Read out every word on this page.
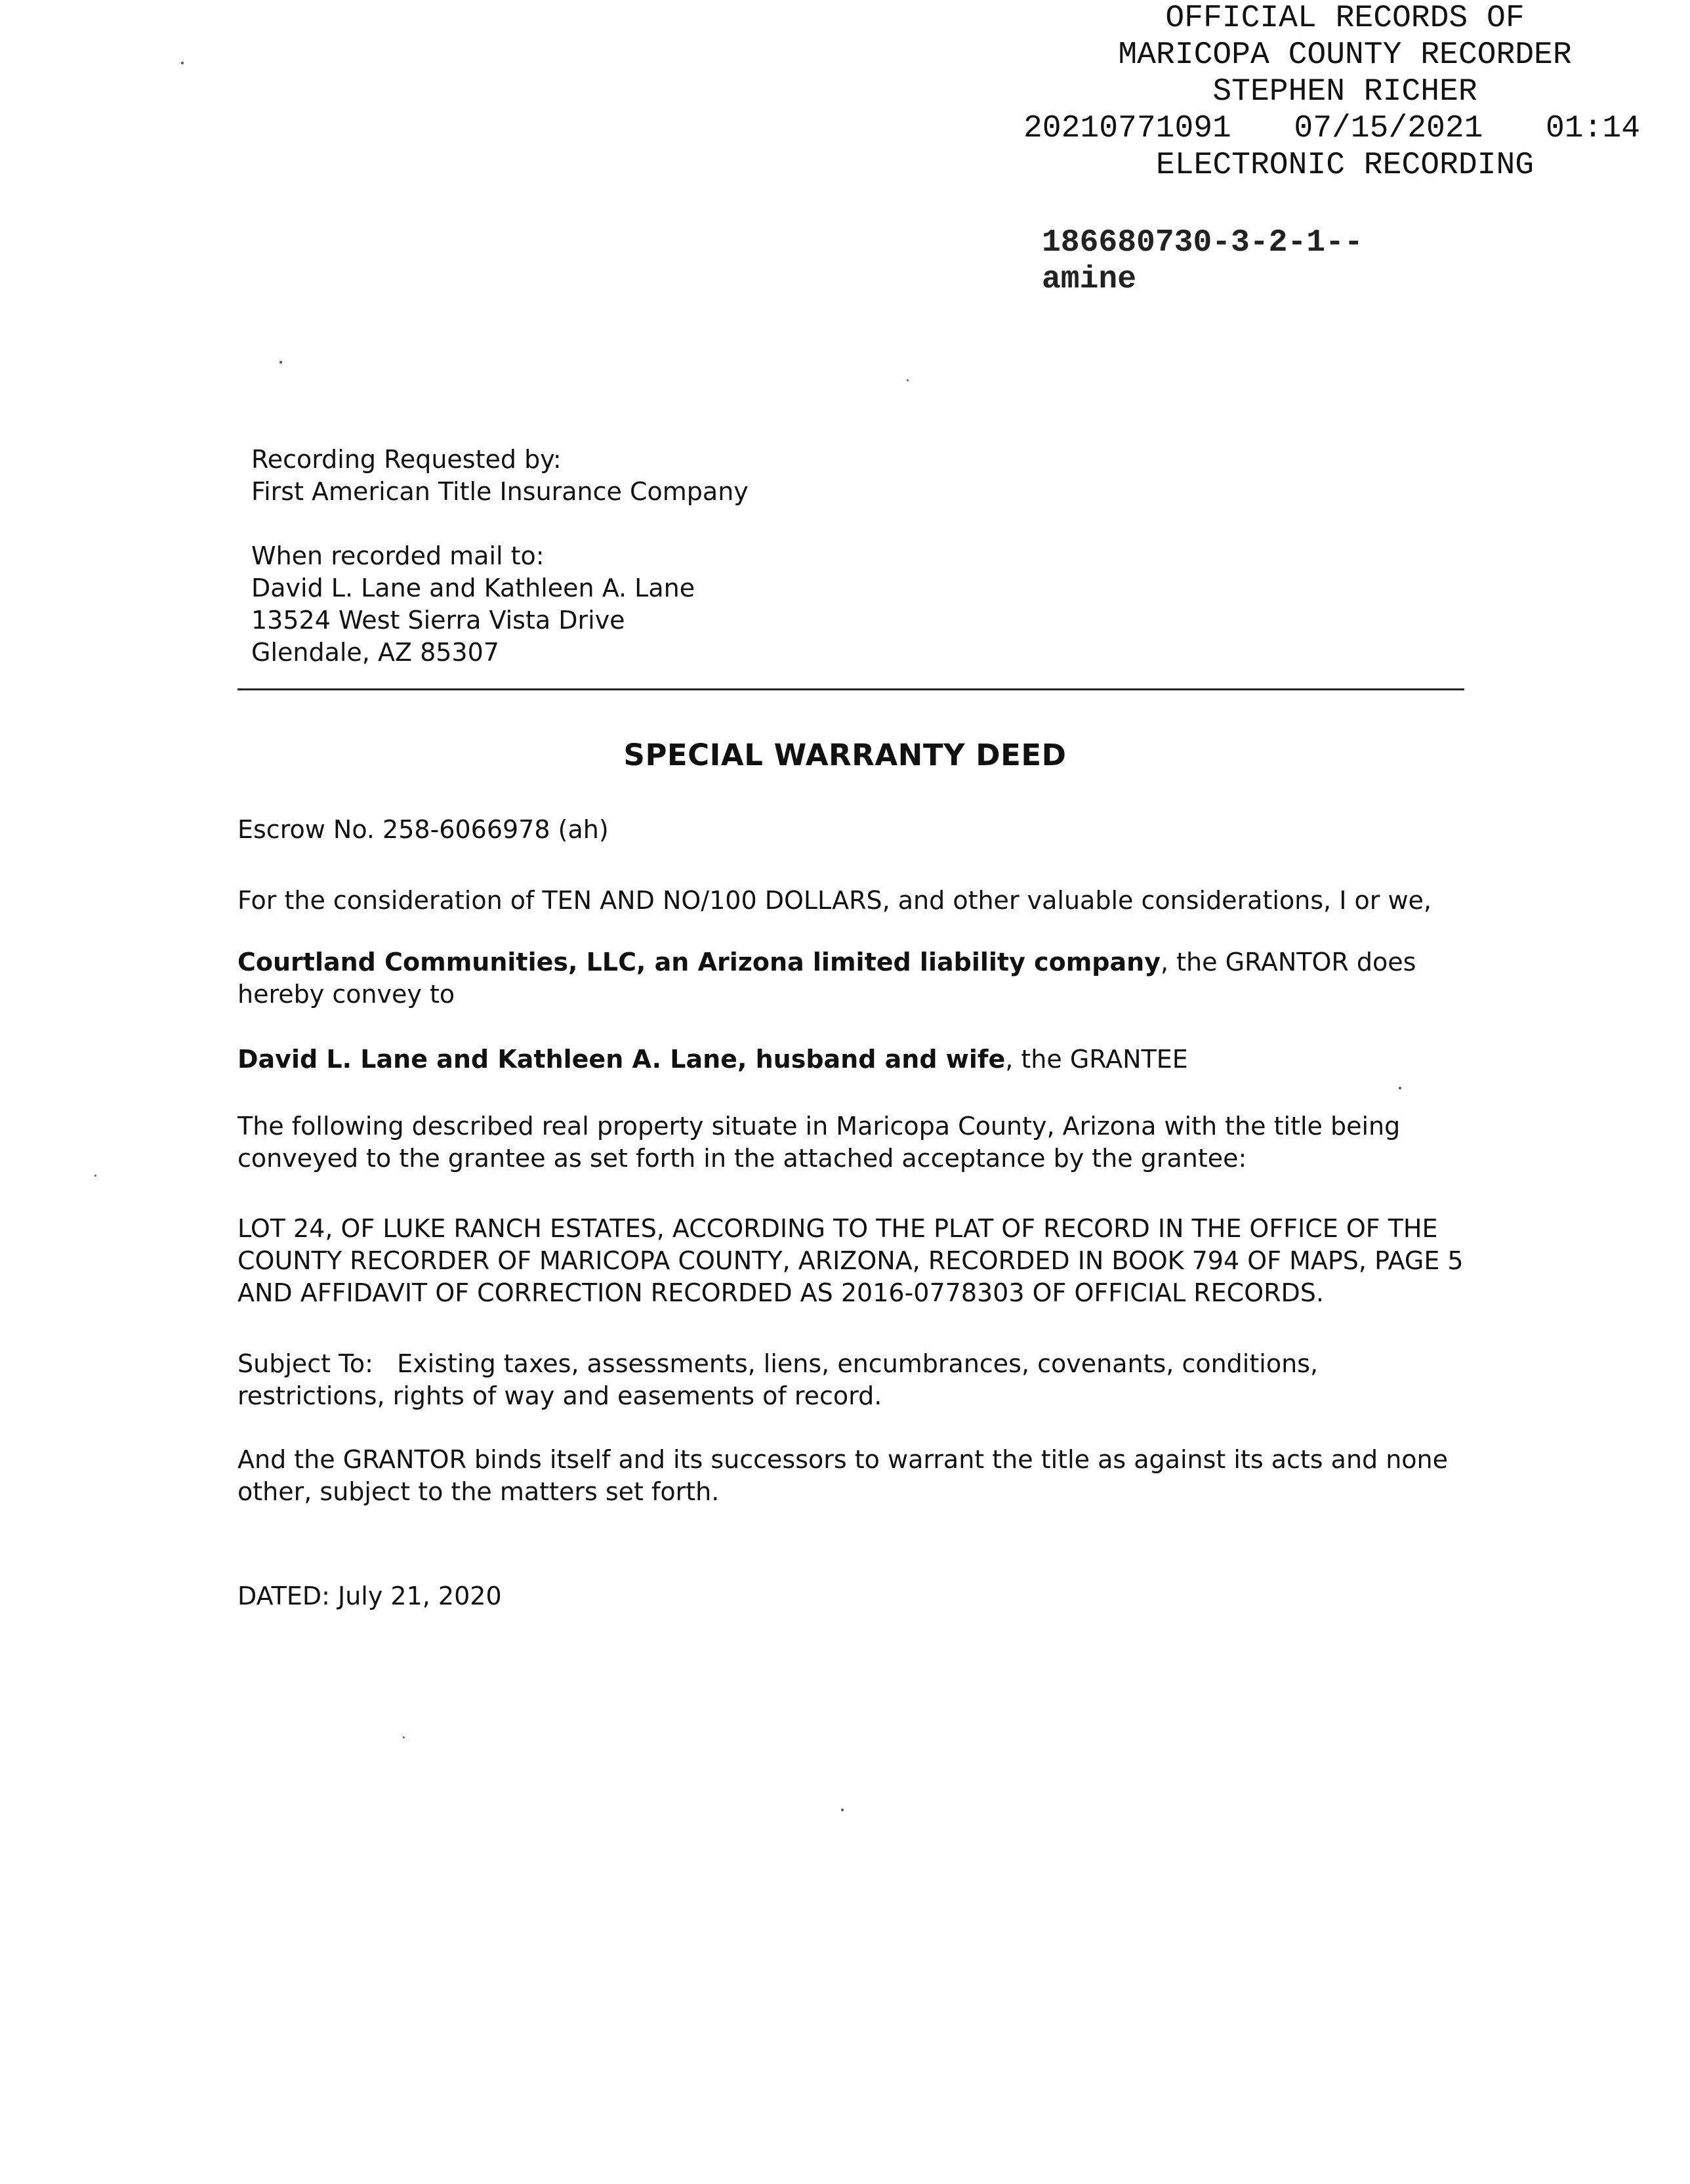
OFFICIAL RECORDS OF
MARICOPA COUNTY RECORDER
STEPHEN RICHER
20210771091 07/15/2021 01:14
ELECTRONIC RECORDING
186680730-3-2-1--
amine
Recording Requested by:
First American Title Insurance Company
When recorded mail to:
David L. Lane and Kathleen A. Lane
13524 West Sierra Vista Drive
Glendale, AZ 85307
SPECIAL WARRANTY DEED
Escrow No. 258-6066978 (ah)
For the consideration of TEN AND NO/100 DOLLARS, and other valuable considerations, I or we,
Courtland Communities, LLC, an Arizona limited liability company, the GRANTOR does hereby convey to
David L. Lane and Kathleen A. Lane, husband and wife, the GRANTEE
The following described real property situate in Maricopa County, Arizona with the title being conveyed to the grantee as set forth in the attached acceptance by the grantee:
LOT 24, OF LUKE RANCH ESTATES, ACCORDING TO THE PLAT OF RECORD IN THE OFFICE OF THE
COUNTY RECORDER OF MARICOPA COUNTY, ARIZONA, RECORDED IN BOOK 794 OF MAPS, PAGE 5
AND AFFIDAVIT OF CORRECTION RECORDED AS 2016-0778303 OF OFFICIAL RECORDS.
Subject To:   Existing taxes, assessments, liens, encumbrances, covenants, conditions, restrictions, rights of way and easements of record.
And the GRANTOR binds itself and its successors to warrant the title as against its acts and none other, subject to the matters set forth.
DATED: July 21, 2020
